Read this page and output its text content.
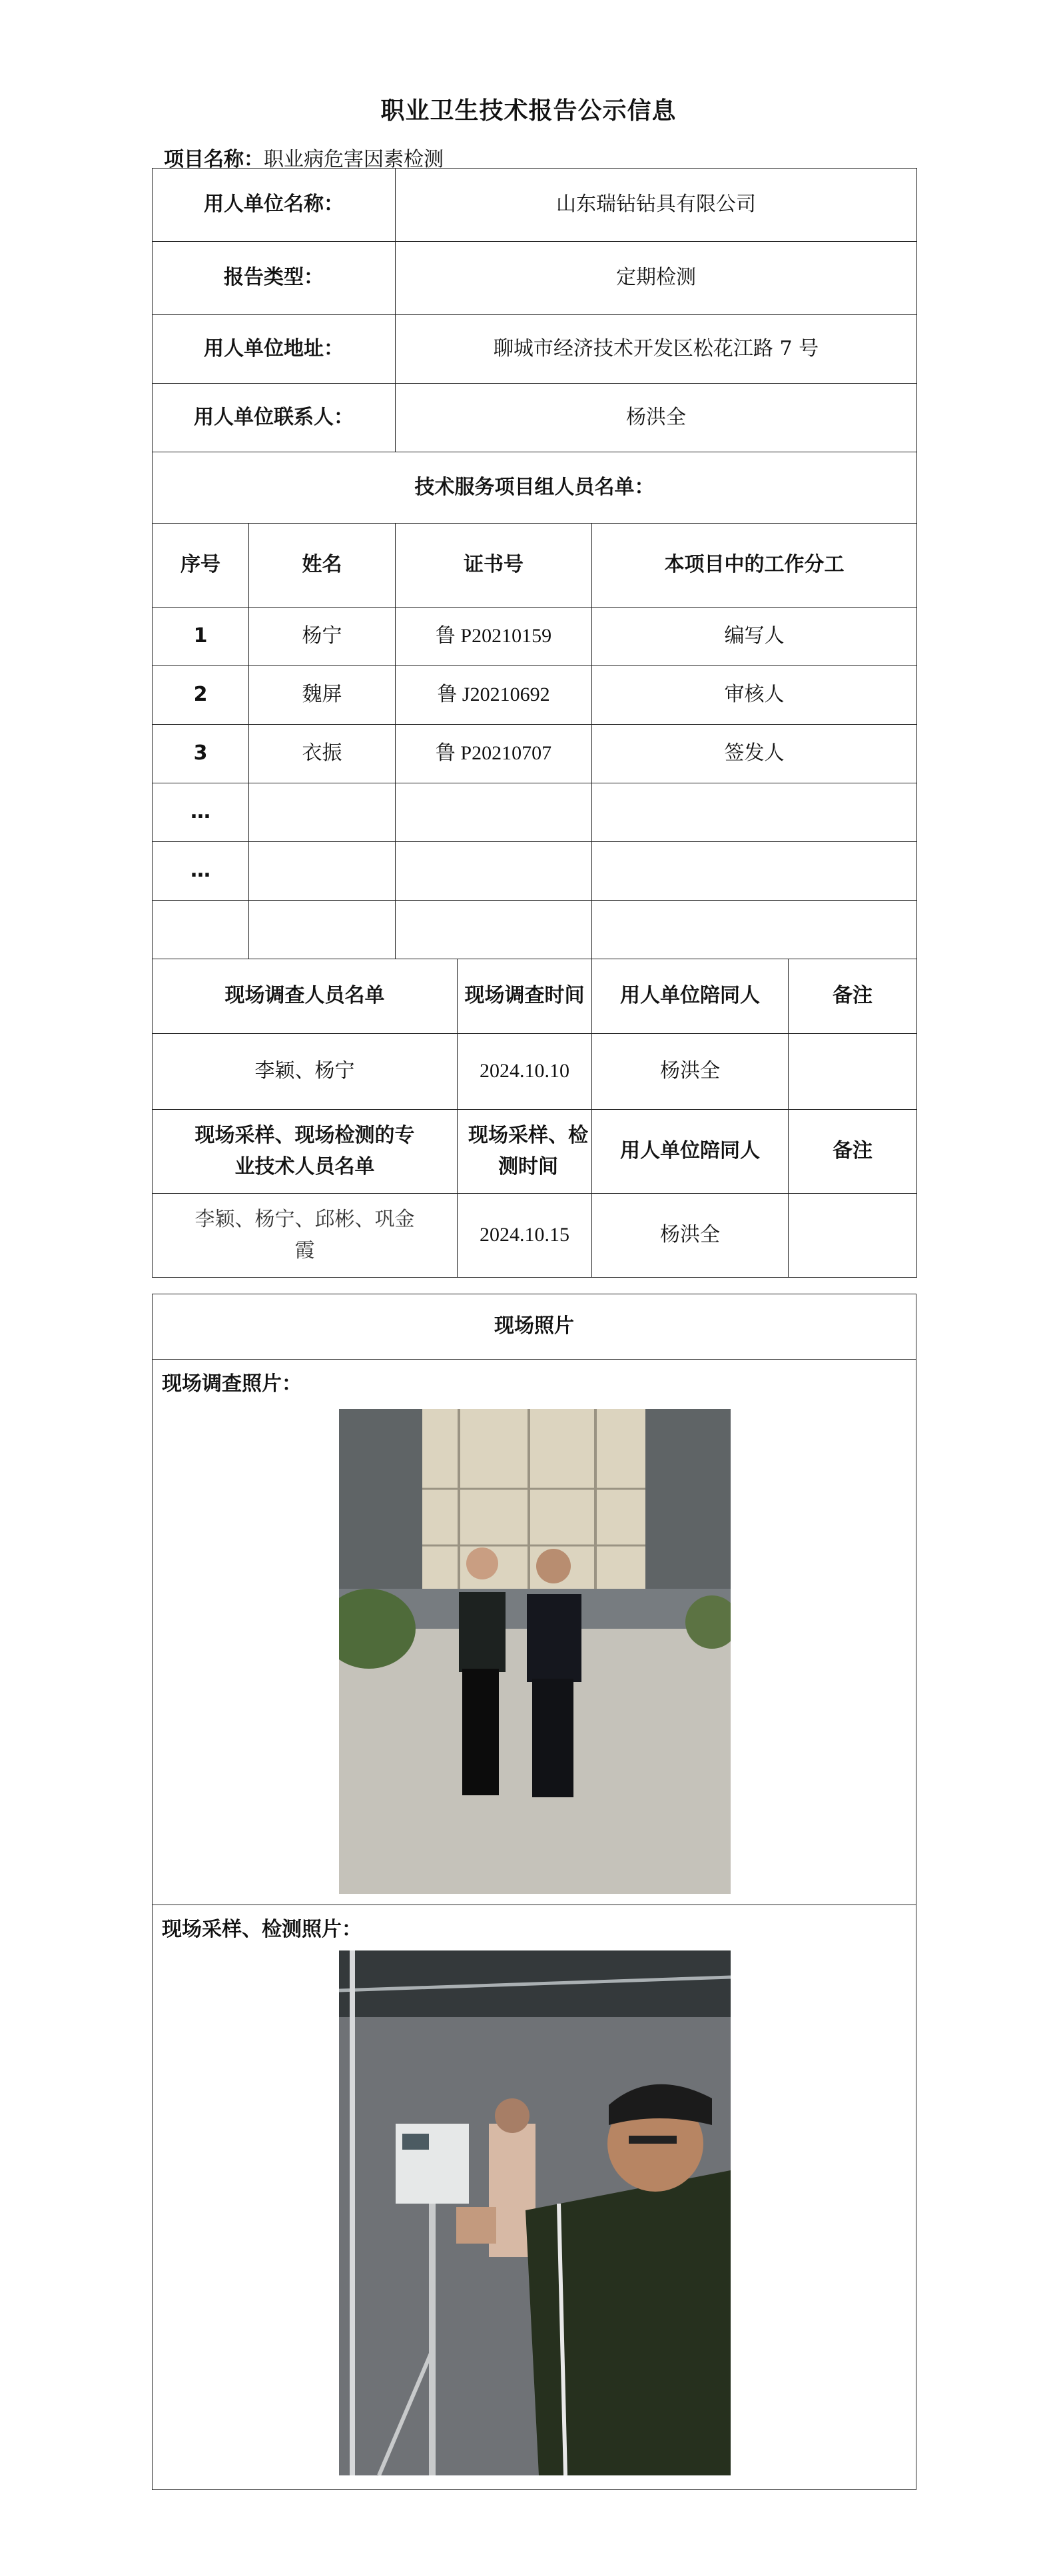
职业卫生技术报告公示信息
项目名称：职业病危害因素检测
用人单位名称：		山东瑞钻钻具有限公司			
报告类型：		定期检测			
用人单位地址：		聊城市经济技术开发区松花江路 7 号			
用人单位联系人：		杨洪全			
技术服务项目组人员名单：					
序号	姓名	证书号		本项目中的工作分工	
1	杨宁	鲁 P20210159		编写人	
2	魏屏	鲁 J20210692		审核人	
3	衣振	鲁 P20210707		签发人	
…					
…					

现场调查人员名单			现场调查时间	用人单位陪同人	备注
李颖、杨宁			2024.10.10	杨洪全	

现场采样、现场检测的专业技术人员名单			现场采样、检测时间	用人单位陪同人	备注

李颖、杨宁、邱彬、巩金霞			2024.10.15	杨洪全	
现场照片

现场调查照片：

现场采样、检测照片：
